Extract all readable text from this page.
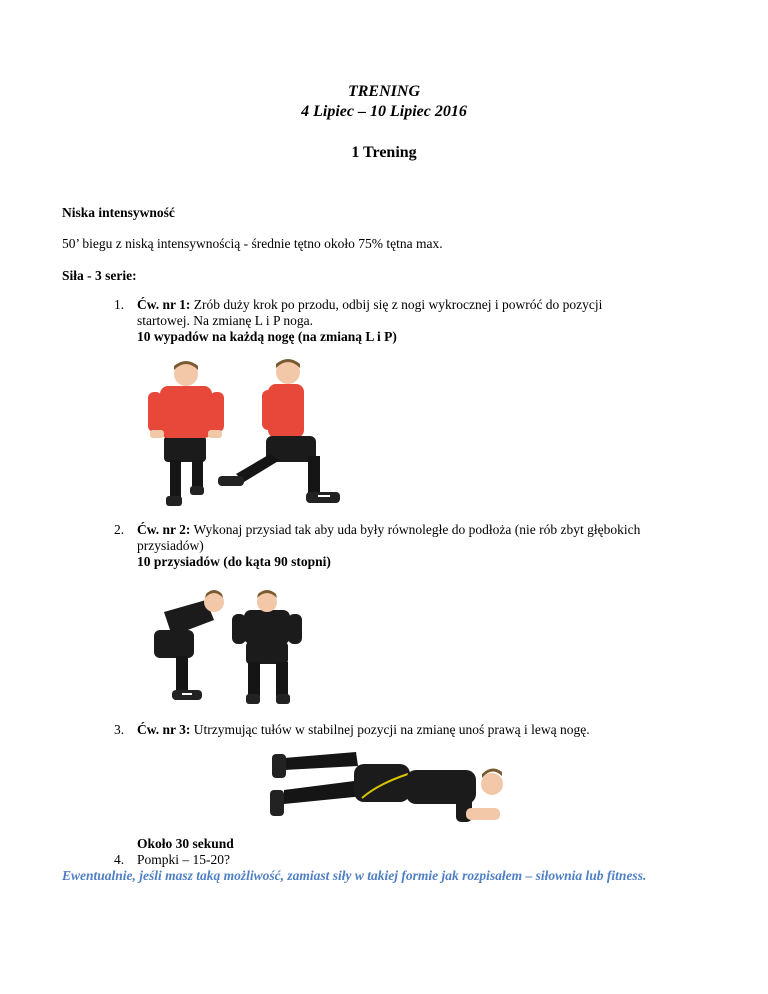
TRENING
4 Lipiec – 10 Lipiec 2016
1 Trening
Niska intensywność
50’ biegu z niską intensywnością - średnie tętno około 75% tętna max.
Siła - 3 serie:
1. Ćw. nr 1: Zrób duży krok po przodu, odbij się z nogi wykrocznej i powróć do pozycji startowej. Na zmianę L i P noga.
10 wypadów na każdą nogę (na zmianą L i P)
2. Ćw. nr 2: Wykonaj przysiad tak aby uda były równoległe do podłoża (nie rób zbyt głębokich przysiadów)
10 przysiadów (do kąta 90 stopni)
3. Ćw. nr 3: Utrzymując tułów w stabilnej pozycji na zmianę unoś prawą i lewą nogę.
Około 30 sekund
4. Pompki – 15-20?
Ewentualnie, jeśli masz taką możliwość, zamiast siły w takiej formie jak rozpisałem – siłownia lub fitness.
